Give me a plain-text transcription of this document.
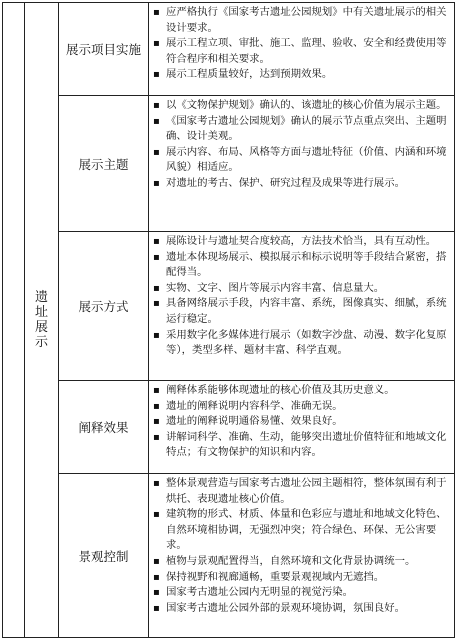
遗址展示
展示项目实施
▪ 应严格执行《国家考古遗址公园规划》中有关遗址展示的相关设计要求。
▪ 展示工程立项、审批、施工、监理、验收、安全和经费使用等符合程序和相关要求。
▪ 展示工程质量较好，达到预期效果。
展示主题
▪ 以《文物保护规划》确认的、该遗址的核心价值为展示主题。
▪ 《国家考古遗址公园规划》确认的展示节点重点突出、主题明确、设计美观。
▪ 展示内容、布局、风格等方面与遗址特征（价值、内涵和环境风貌）相适应。
▪ 对遗址的考古、保护、研究过程及成果等进行展示。
展示方式
▪ 展陈设计与遗址契合度较高，方法技术恰当，具有互动性。
▪ 遗址本体现场展示、模拟展示和标示说明等手段结合紧密，搭配得当。
▪ 实物、文字、图片等展示内容丰富、信息量大。
▪ 具备网络展示手段，内容丰富、系统，图像真实、细腻，系统运行稳定。
▪ 采用数字化多媒体进行展示（如数字沙盘、动漫、数字化复原等），类型多样、题材丰富、科学直观。
阐释效果
▪ 阐释体系能够体现遗址的核心价值及其历史意义。
▪ 遗址的阐释说明内容科学、准确无误。
▪ 遗址的阐释说明通俗易懂、效果良好。
▪ 讲解词科学、准确、生动，能够突出遗址价值特征和地域文化特点；有文物保护的知识和内容。
景观控制
▪ 整体景观营造与国家考古遗址公园主题相符，整体氛围有利于烘托、表现遗址核心价值。
▪ 建筑物的形式、材质、体量和色彩应与遗址和地域文化特色、自然环境相协调，无强烈冲突；符合绿色、环保、无公害要求。
▪ 植物与景观配置得当，自然环境和文化背景协调统一。
▪ 保持视野和视廊通畅，重要景观视域内无遮挡。
▪ 国家考古遗址公园内无明显的视觉污染。
▪ 国家考古遗址公园外部的景观环境协调，氛围良好。
